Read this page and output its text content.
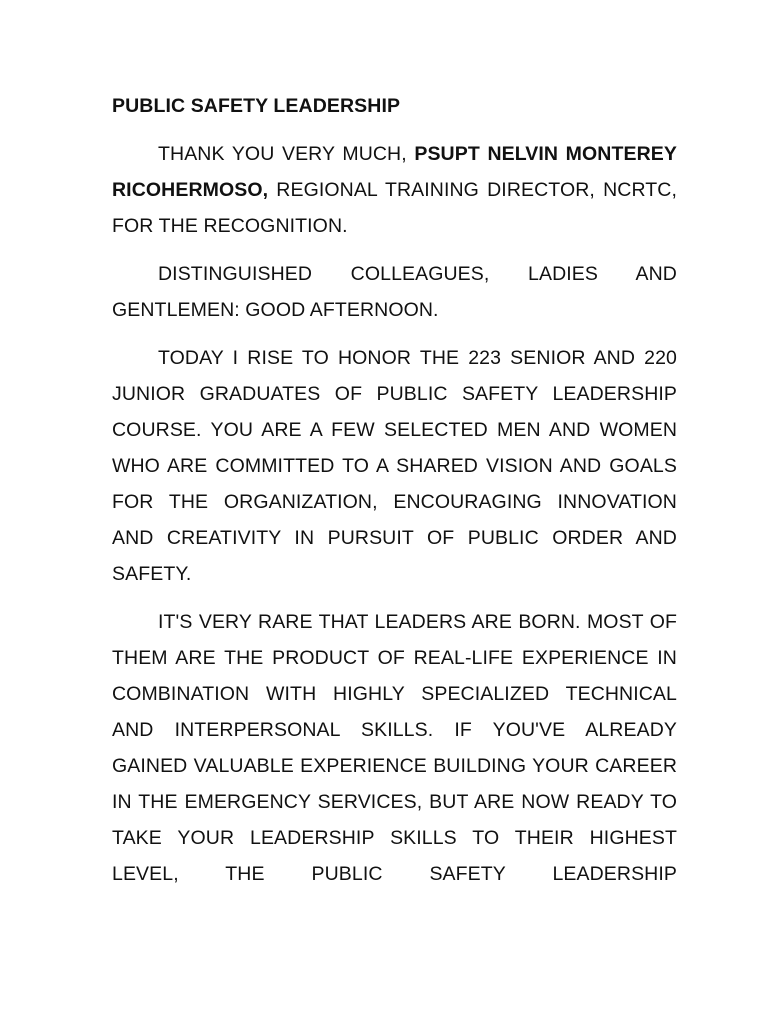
PUBLIC SAFETY LEADERSHIP

THANK YOU VERY MUCH, PSUPT NELVIN MONTEREY RICOHERMOSO, REGIONAL TRAINING DIRECTOR, NCRTC, FOR THE RECOGNITION.

DISTINGUISHED COLLEAGUES, LADIES AND GENTLEMEN: GOOD AFTERNOON.

TODAY I RISE TO HONOR THE 223 SENIOR AND 220 JUNIOR GRADUATES OF PUBLIC SAFETY LEADERSHIP COURSE. YOU ARE A FEW SELECTED MEN AND WOMEN WHO ARE COMMITTED TO A SHARED VISION AND GOALS FOR THE ORGANIZATION, ENCOURAGING INNOVATION AND CREATIVITY IN PURSUIT OF PUBLIC ORDER AND SAFETY.

IT'S VERY RARE THAT LEADERS ARE BORN. MOST OF THEM ARE THE PRODUCT OF REAL-LIFE EXPERIENCE IN COMBINATION WITH HIGHLY SPECIALIZED TECHNICAL AND INTERPERSONAL SKILLS. IF YOU'VE ALREADY GAINED VALUABLE EXPERIENCE BUILDING YOUR CAREER IN THE EMERGENCY SERVICES, BUT ARE NOW READY TO TAKE YOUR LEADERSHIP SKILLS TO THEIR HIGHEST LEVEL, THE PUBLIC SAFETY LEADERSHIP
